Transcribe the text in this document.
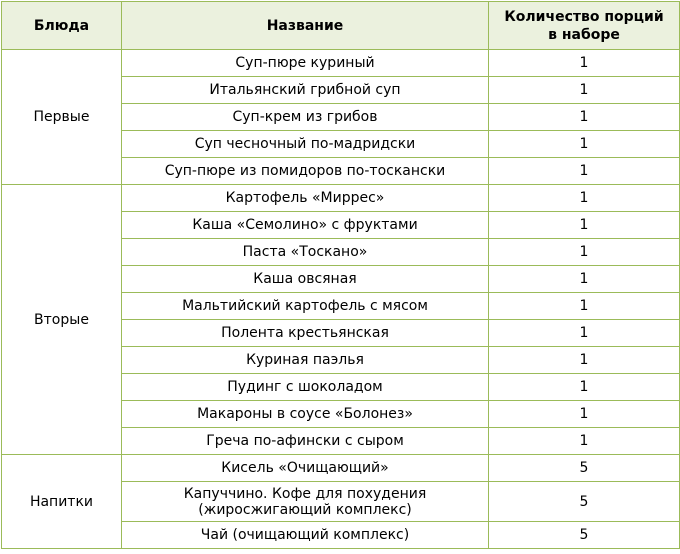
Блюда	Название	Количество порций
в наборе
Первые	Суп-пюре куриный	1
	Итальянский грибной суп	1
	Суп-крем из грибов	1
	Суп чесночный по-мадридски	1
	Суп-пюре из помидоров по-тоскански	1
Вторые	Картофель «Миррес»	1
	Каша «Семолино» с фруктами	1
	Паста «Тоскано»	1
	Каша овсяная	1
	Мальтийский картофель с мясом	1
	Полента крестьянская	1
	Куриная паэлья	1
	Пудинг с шоколадом	1
	Макароны в соусе «Болонез»	1
	Греча по-афински с сыром	1
Напитки	Кисель «Очищающий»	5
	Капуччино. Кофе для похудения
(жиросжигающий комплекс)	5
	Чай (очищающий комплекс)	5
